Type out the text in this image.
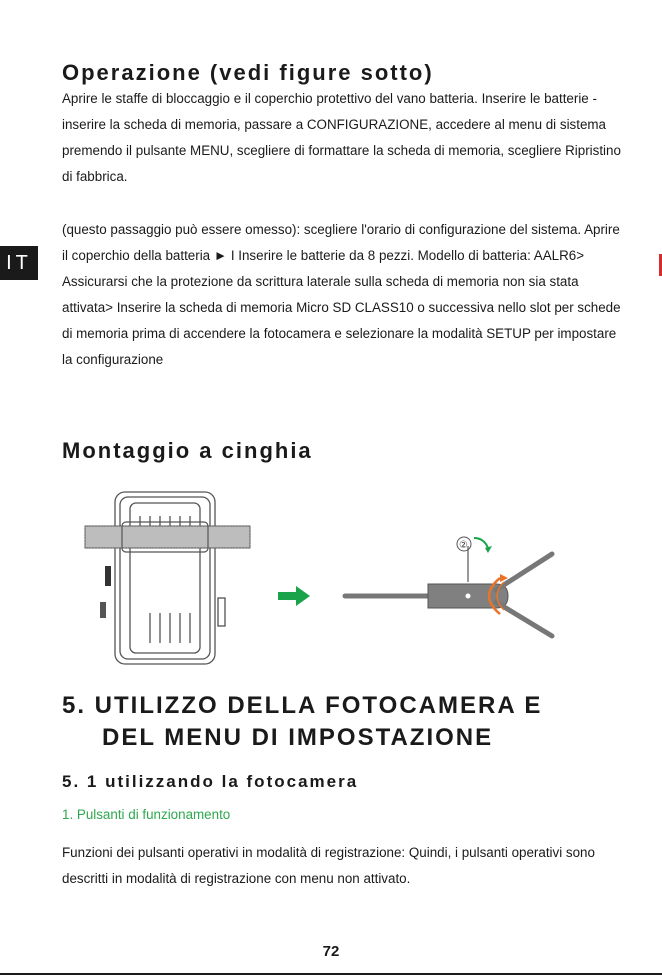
IT
Operazione (vedi figure sotto)

Aprire le staffe di bloccaggio e il coperchio protettivo del vano batteria. Inserire le batterie - inserire la scheda di memoria, passare a CONFIGURAZIONE, accedere al menu di sistema premendo il pulsante MENU, scegliere di formattare la scheda di memoria, scegliere Ripristino di fabbrica.

(questo passaggio può essere omesso): scegliere l'orario di configurazione del sistema. Aprire il coperchio della batteria ► I Inserire le batterie da 8 pezzi. Modello di batteria: AALR6> Assicurarsi che la protezione da scrittura laterale sulla scheda di memoria non sia stata attivata> Inserire la scheda di memoria Micro SD CLASS10 o successiva nello slot per schede di memoria prima di accendere la fotocamera e selezionare la modalità SETUP per impostare la configurazione

Montaggio a cinghia
②
5. UTILIZZO DELLA FOTOCAMERA E
DEL MENU DI IMPOSTAZIONE
5. 1 utilizzando la fotocamera

1. Pulsanti di funzionamento

Funzioni dei pulsanti operativi in modalità di registrazione: Quindi, i pulsanti operativi sono descritti in modalità di registrazione con menu non attivato.

72
